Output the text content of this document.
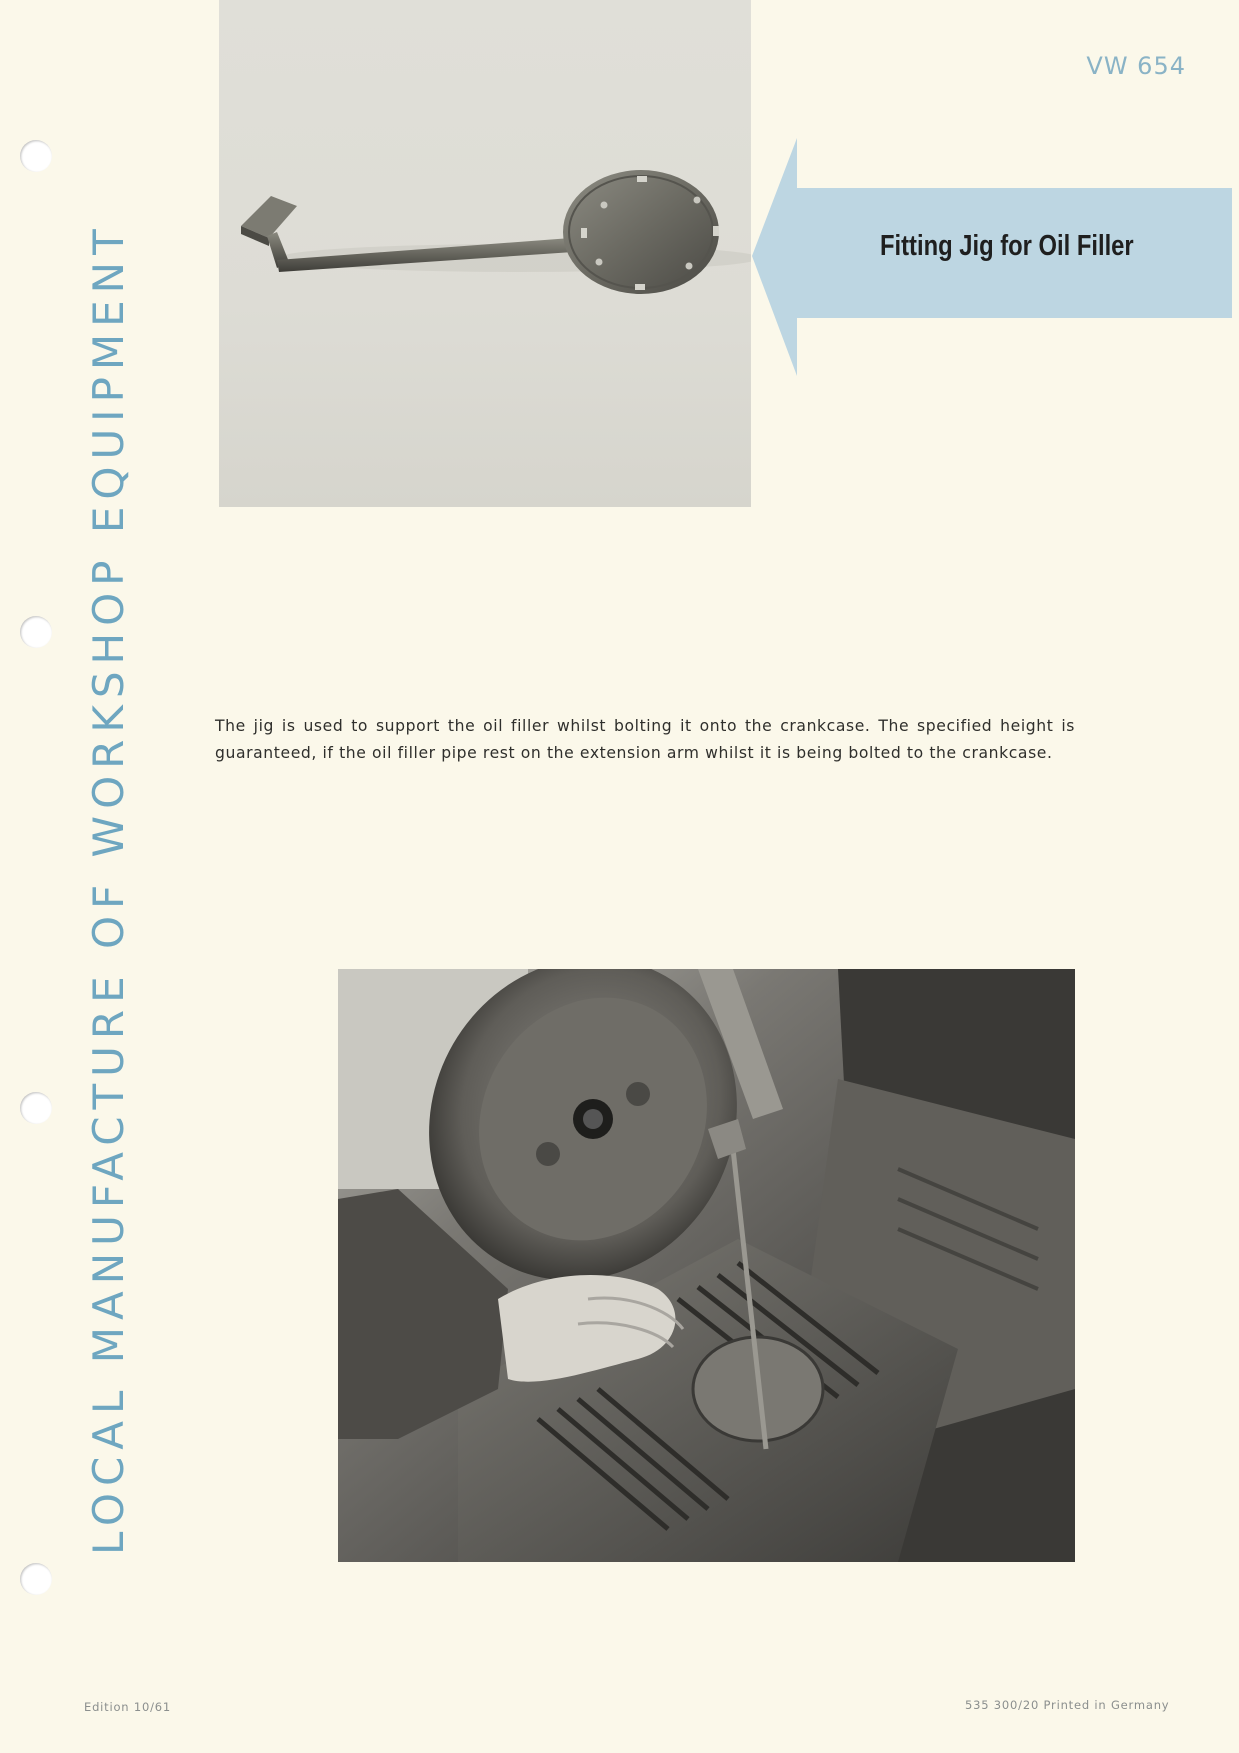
LOCAL MANUFACTURE OF WORKSHOP EQUIPMENT
VW 654
Fitting Jig for Oil Filler

The jig is used to support the oil filler whilst bolting it onto the crankcase. The specified height is guaranteed, if the oil filler pipe rest on the extension arm whilst it is being bolted to the crankcase.

Edition 10/61	535 300/20 Printed in Germany
